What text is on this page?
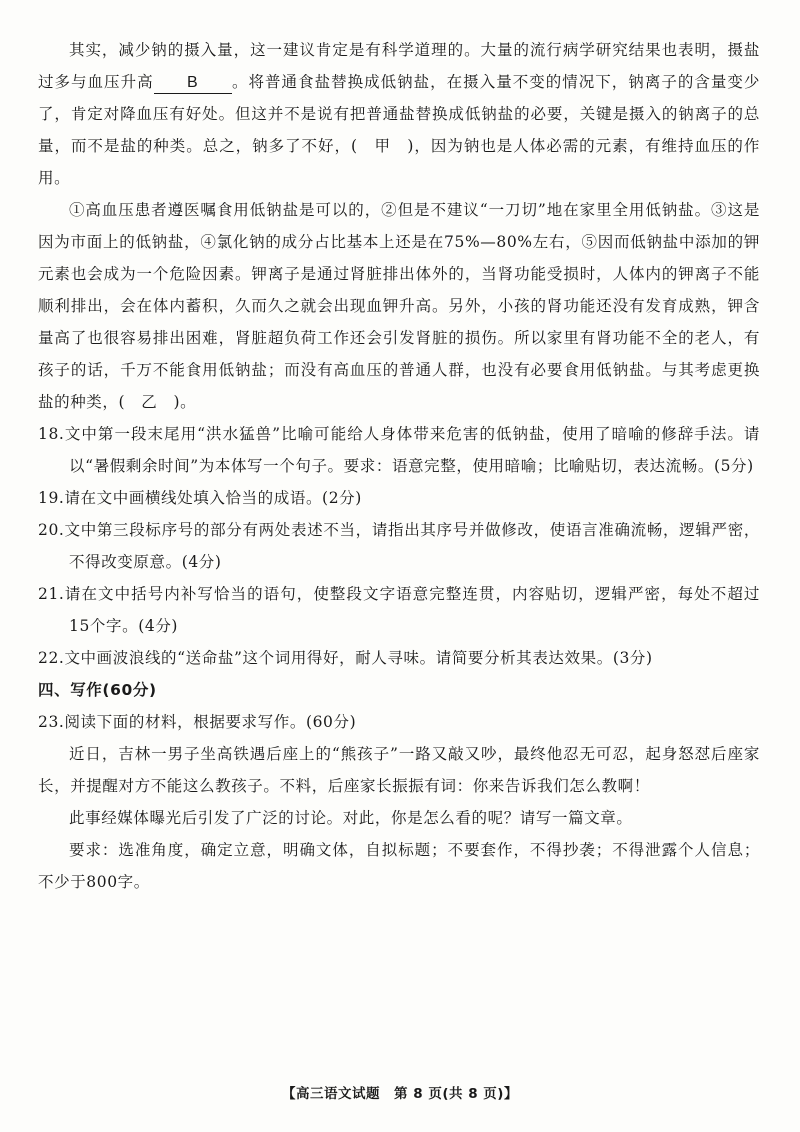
其实，减少钠的摄入量，这一建议肯定是有科学道理的。大量的流行病学研究结果也表明，摄盐过多与血压升高 B 。将普通食盐替换成低钠盐，在摄入量不变的情况下，钠离子的含量变少了，肯定对降血压有好处。但这并不是说有把普通盐替换成低钠盐的必要，关键是摄入的钠离子的总量，而不是盐的种类。总之，钠多了不好，(　甲　)，因为钠也是人体必需的元素，有维持血压的作用。

①高血压患者遵医嘱食用低钠盐是可以的，②但是不建议“一刀切”地在家里全用低钠盐。③这是因为市面上的低钠盐，④氯化钠的成分占比基本上还是在75%—80%左右，⑤因而低钠盐中添加的钾元素也会成为一个危险因素。钾离子是通过肾脏排出体外的，当肾功能受损时，人体内的钾离子不能顺利排出，会在体内蓄积，久而久之就会出现血钾升高。另外，小孩的肾功能还没有发育成熟，钾含量高了也很容易排出困难，肾脏超负荷工作还会引发肾脏的损伤。所以家里有肾功能不全的老人，有孩子的话，千万不能食用低钠盐；而没有高血压的普通人群，也没有必要食用低钠盐。与其考虑更换盐的种类，(　乙　)。

18.文中第一段末尾用“洪水猛兽”比喻可能给人身体带来危害的低钠盐，使用了暗喻的修辞手法。请以“暑假剩余时间”为本体写一个句子。要求：语意完整，使用暗喻；比喻贴切，表达流畅。(5分)

19.请在文中画横线处填入恰当的成语。(2分)

20.文中第三段标序号的部分有两处表述不当，请指出其序号并做修改，使语言准确流畅，逻辑严密，不得改变原意。(4分)

21.请在文中括号内补写恰当的语句，使整段文字语意完整连贯，内容贴切，逻辑严密，每处不超过15个字。(4分)

22.文中画波浪线的“送命盐”这个词用得好，耐人寻味。请简要分析其表达效果。(3分)

四、写作(60分)

23.阅读下面的材料，根据要求写作。(60分)

近日，吉林一男子坐高铁遇后座上的“熊孩子”一路又敲又吵，最终他忍无可忍，起身怒怼后座家长，并提醒对方不能这么教孩子。不料，后座家长振振有词：你来告诉我们怎么教啊！

此事经媒体曝光后引发了广泛的讨论。对此，你是怎么看的呢？请写一篇文章。

要求：选准角度，确定立意，明确文体，自拟标题；不要套作，不得抄袭；不得泄露个人信息；不少于800字。

【高三语文试题　第 8 页(共 8 页)】
